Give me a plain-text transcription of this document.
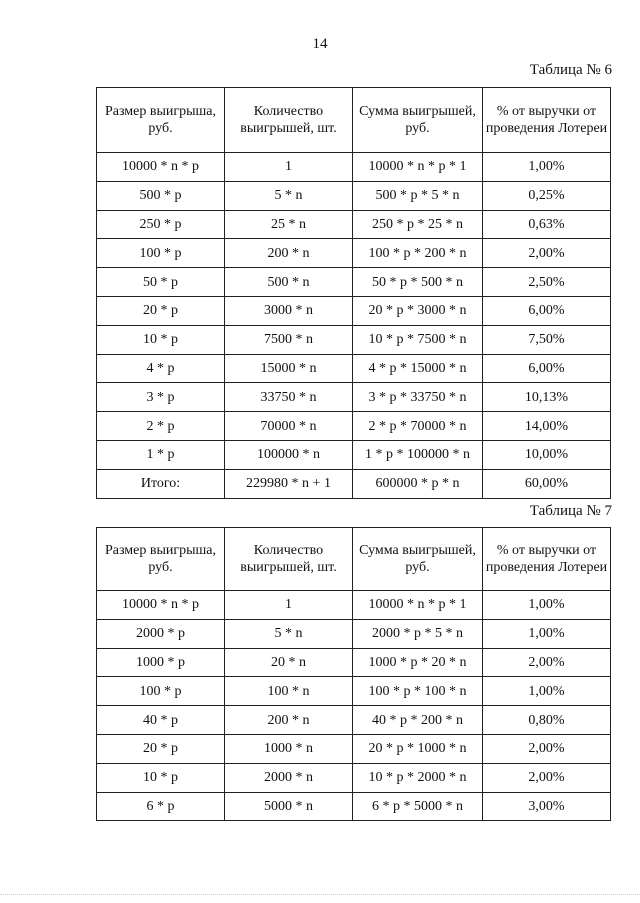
14
Таблица № 6
Размер выигрыша, руб.	Количество выигрышей, шт.	Сумма выигрышей, руб.	% от выручки от проведения Лотереи
10000 * n * p	1	10000 * n * p * 1	1,00%
500 * p	5 * n	500 * p * 5 * n	0,25%
250 * p	25 * n	250 * p * 25 * n	0,63%
100 * p	200 * n	100 * p * 200 * n	2,00%
50 * p	500 * n	50 * p * 500 * n	2,50%
20 * p	3000 * n	20 * p * 3000 * n	6,00%
10 * p	7500 * n	10 * p * 7500 * n	7,50%
4 * p	15000 * n	4 * p * 15000 * n	6,00%
3 * p	33750 * n	3 * p * 33750 * n	10,13%
2 * p	70000 * n	2 * p * 70000 * n	14,00%
1 * p	100000 * n	1 * p * 100000 * n	10,00%
Итого:	229980 * n + 1	600000 * p * n	60,00%
Таблица № 7
Размер выигрыша, руб.	Количество выигрышей, шт.	Сумма выигрышей, руб.	% от выручки от проведения Лотереи
10000 * n * p	1	10000 * n * p * 1	1,00%
2000 * p	5 * n	2000 * p * 5 * n	1,00%
1000 * p	20 * n	1000 * p * 20 * n	2,00%
100 * p	100 * n	100 * p * 100 * n	1,00%
40 * p	200 * n	40 * p * 200 * n	0,80%
20 * p	1000 * n	20 * p * 1000 * n	2,00%
10 * p	2000 * n	10 * p * 2000 * n	2,00%
6 * p	5000 * n	6 * p * 5000 * n	3,00%
